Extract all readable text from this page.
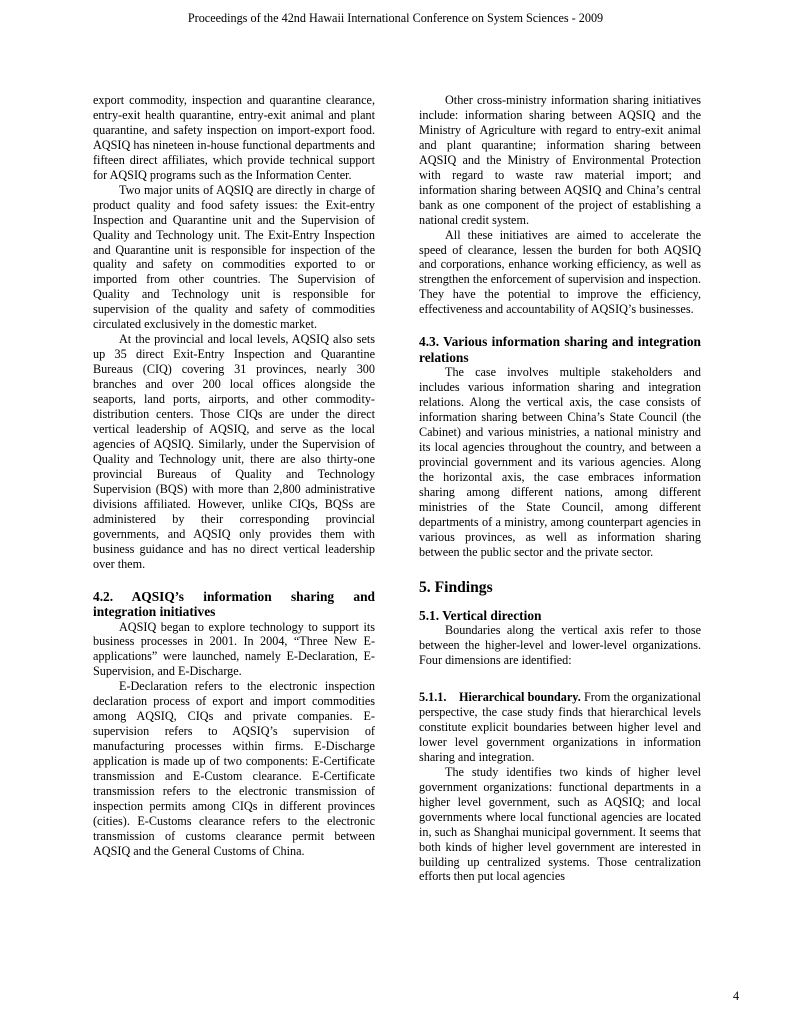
Proceedings of the 42nd Hawaii International Conference on System Sciences - 2009

export commodity, inspection and quarantine clearance, entry-exit health quarantine, entry-exit animal and plant quarantine, and safety inspection on import-export food. AQSIQ has nineteen in-house functional departments and fifteen direct affiliates, which provide technical support for AQSIQ programs such as the Information Center.

Two major units of AQSIQ are directly in charge of product quality and food safety issues: the Exit-entry Inspection and Quarantine unit and the Supervision of Quality and Technology unit. The Exit-Entry Inspection and Quarantine unit is responsible for inspection of the quality and safety on commodities exported to or imported from other countries. The Supervision of Quality and Technology unit is responsible for supervision of the quality and safety of commodities circulated exclusively in the domestic market.

At the provincial and local levels, AQSIQ also sets up 35 direct Exit-Entry Inspection and Quarantine Bureaus (CIQ) covering 31 provinces, nearly 300 branches and over 200 local offices alongside the seaports, land ports, airports, and other commodity-distribution centers. Those CIQs are under the direct vertical leadership of AQSIQ, and serve as the local agencies of AQSIQ. Similarly, under the Supervision of Quality and Technology unit, there are also thirty-one provincial Bureaus of Quality and Technology Supervision (BQS) with more than 2,800 administrative divisions affiliated. However, unlike CIQs, BQSs are administered by their corresponding provincial governments, and AQSIQ only provides them with business guidance and has no direct vertical leadership over them.

4.2. AQSIQ’s information sharing and integration initiatives

AQSIQ began to explore technology to support its business processes in 2001. In 2004, “Three New E-applications” were launched, namely E-Declaration, E-Supervision, and E-Discharge.

E-Declaration refers to the electronic inspection declaration process of export and import commodities among AQSIQ, CIQs and private companies. E-supervision refers to AQSIQ’s supervision of manufacturing processes within firms. E-Discharge application is made up of two components: E-Certificate transmission and E-Custom clearance. E-Certificate transmission refers to the electronic transmission of inspection permits among CIQs in different provinces (cities). E-Customs clearance refers to the electronic transmission of customs clearance permit between AQSIQ and the General Customs of China.

Other cross-ministry information sharing initiatives include: information sharing between AQSIQ and the Ministry of Agriculture with regard to entry-exit animal and plant quarantine; information sharing between AQSIQ and the Ministry of Environmental Protection with regard to waste raw material import; and information sharing between AQSIQ and China’s central bank as one component of the project of establishing a national credit system.

All these initiatives are aimed to accelerate the speed of clearance, lessen the burden for both AQSIQ and corporations, enhance working efficiency, as well as strengthen the enforcement of supervision and inspection. They have the potential to improve the efficiency, effectiveness and accountability of AQSIQ’s businesses.

4.3. Various information sharing and integration relations

The case involves multiple stakeholders and includes various information sharing and integration relations. Along the vertical axis, the case consists of information sharing between China’s State Council (the Cabinet) and various ministries, a national ministry and its local agencies throughout the country, and between a provincial government and its various agencies. Along the horizontal axis, the case embraces information sharing among different nations, among different ministries of the State Council, among different departments of a ministry, among counterpart agencies in various provinces, as well as information sharing between the public sector and the private sector.

5. Findings
5.1. Vertical direction

Boundaries along the vertical axis refer to those between the higher-level and lower-level organizations. Four dimensions are identified:

5.1.1. Hierarchical boundary. From the organizational perspective, the case study finds that hierarchical levels constitute explicit boundaries between higher level and lower level government organizations in information sharing and integration.

The study identifies two kinds of higher level government organizations: functional departments in a higher level government, such as AQSIQ; and local governments where local functional agencies are located in, such as Shanghai municipal government. It seems that both kinds of higher level government are interested in building up centralized systems. Those centralization efforts then put local agencies

4
